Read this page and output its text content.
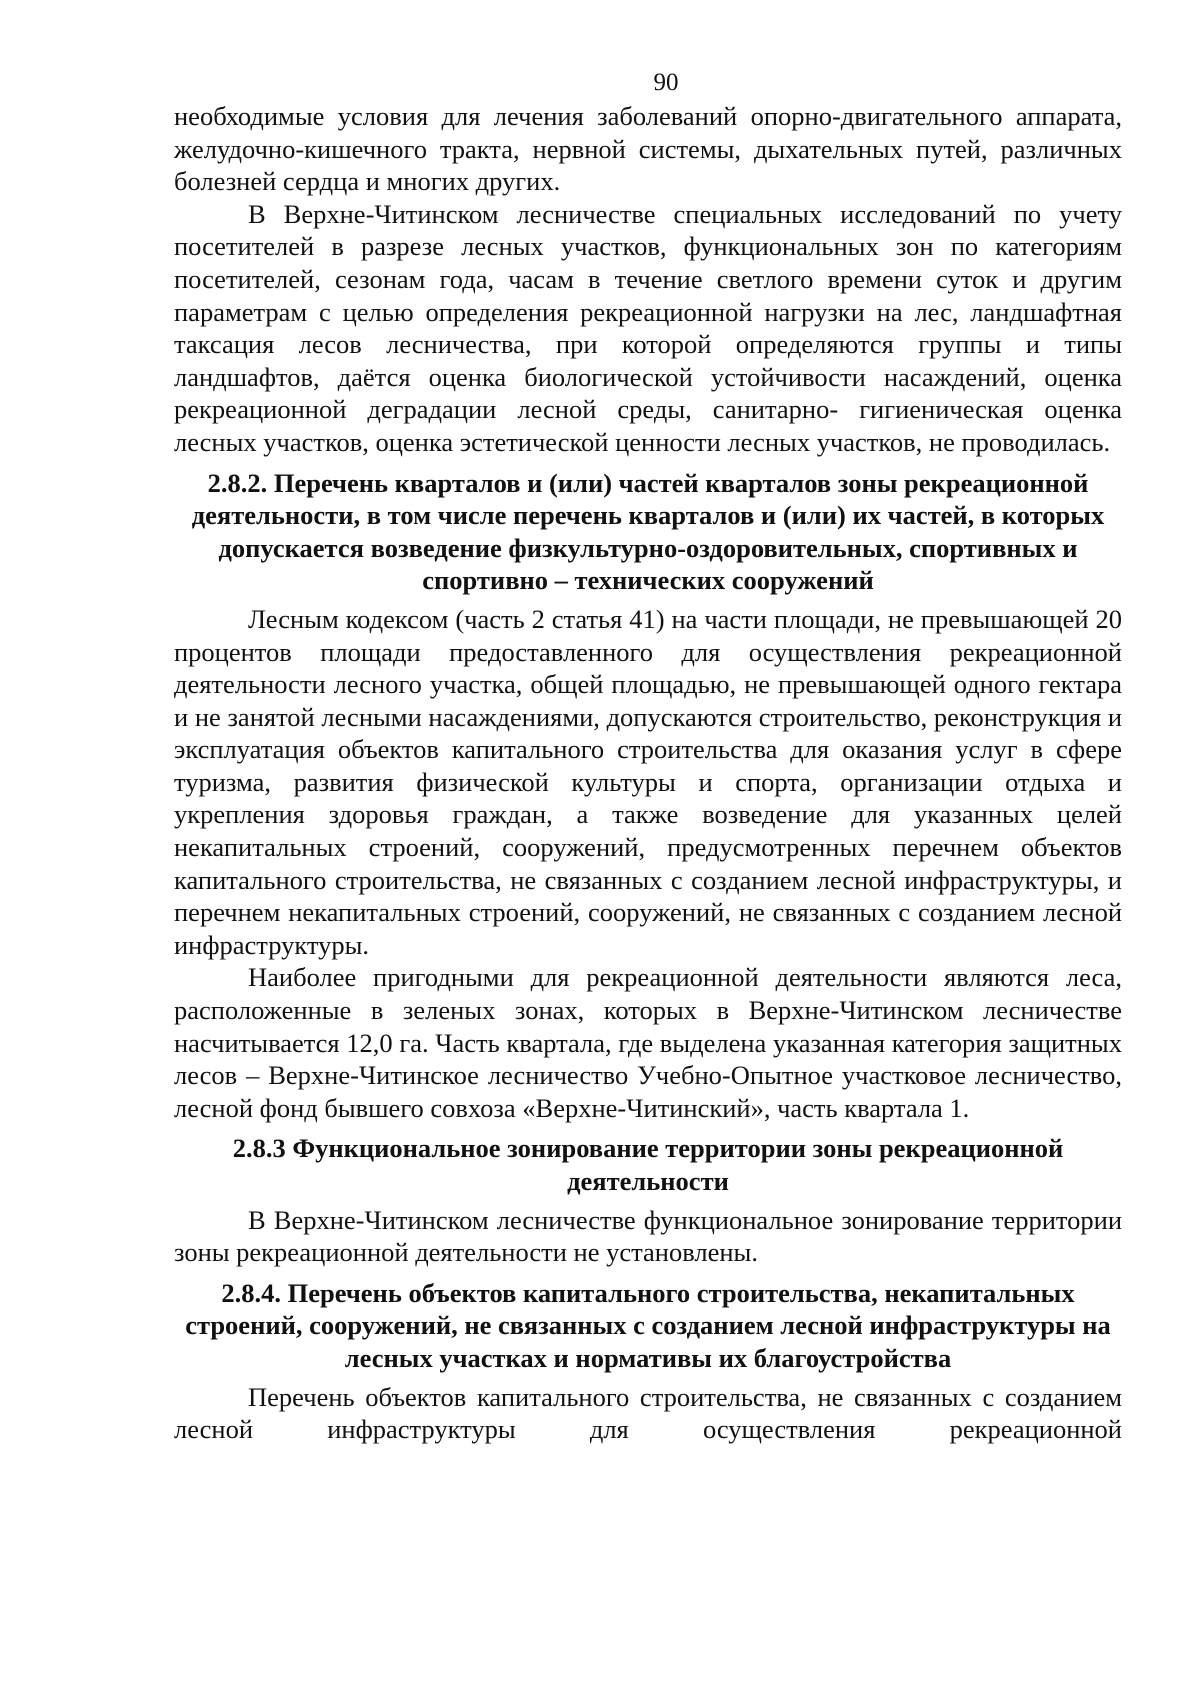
90

необходимые условия для лечения заболеваний опорно-двигательного аппарата, желудочно-кишечного тракта, нервной системы, дыхательных путей, различных болезней сердца и многих других.

В Верхне-Читинском лесничестве специальных исследований по учету посетителей в разрезе лесных участков, функциональных зон по категориям посетителей, сезонам года, часам в течение светлого времени суток и другим параметрам с целью определения рекреационной нагрузки на лес, ландшафтная таксация лесов лесничества, при которой определяются группы и типы ландшафтов, даётся оценка биологической устойчивости насаждений, оценка рекреационной деградации лесной среды, санитарно- гигиеническая оценка лесных участков, оценка эстетической ценности лесных участков, не проводилась.

2.8.2. Перечень кварталов и (или) частей кварталов зоны рекреационной деятельности, в том числе перечень кварталов и (или) их частей, в которых допускается возведение физкультурно-оздоровительных, спортивных и спортивно – технических сооружений

Лесным кодексом (часть 2 статья 41) на части площади, не превышающей 20 процентов площади предоставленного для осуществления рекреационной деятельности лесного участка, общей площадью, не превышающей одного гектара и не занятой лесными насаждениями, допускаются строительство, реконструкция и эксплуатация объектов капитального строительства для оказания услуг в сфере туризма, развития физической культуры и спорта, организации отдыха и укрепления здоровья граждан, а также возведение для указанных целей некапитальных строений, сооружений, предусмотренных перечнем объектов капитального строительства, не связанных с созданием лесной инфраструктуры, и перечнем некапитальных строений, сооружений, не связанных с созданием лесной инфраструктуры.

Наиболее пригодными для рекреационной деятельности являются леса, расположенные в зеленых зонах, которых в Верхне-Читинском лесничестве насчитывается 12,0 га. Часть квартала, где выделена указанная категория защитных лесов – Верхне-Читинское лесничество Учебно-Опытное участковое лесничество, лесной фонд бывшего совхоза «Верхне-Читинский», часть квартала 1.

2.8.3 Функциональное зонирование территории зоны рекреационной деятельности

В Верхне-Читинском лесничестве функциональное зонирование территории зоны рекреационной деятельности не установлены.

2.8.4. Перечень объектов капитального строительства, некапитальных строений, сооружений, не связанных с созданием лесной инфраструктуры на лесных участках и нормативы их благоустройства

Перечень объектов капитального строительства, не связанных с созданием лесной инфраструктуры для осуществления рекреационной
